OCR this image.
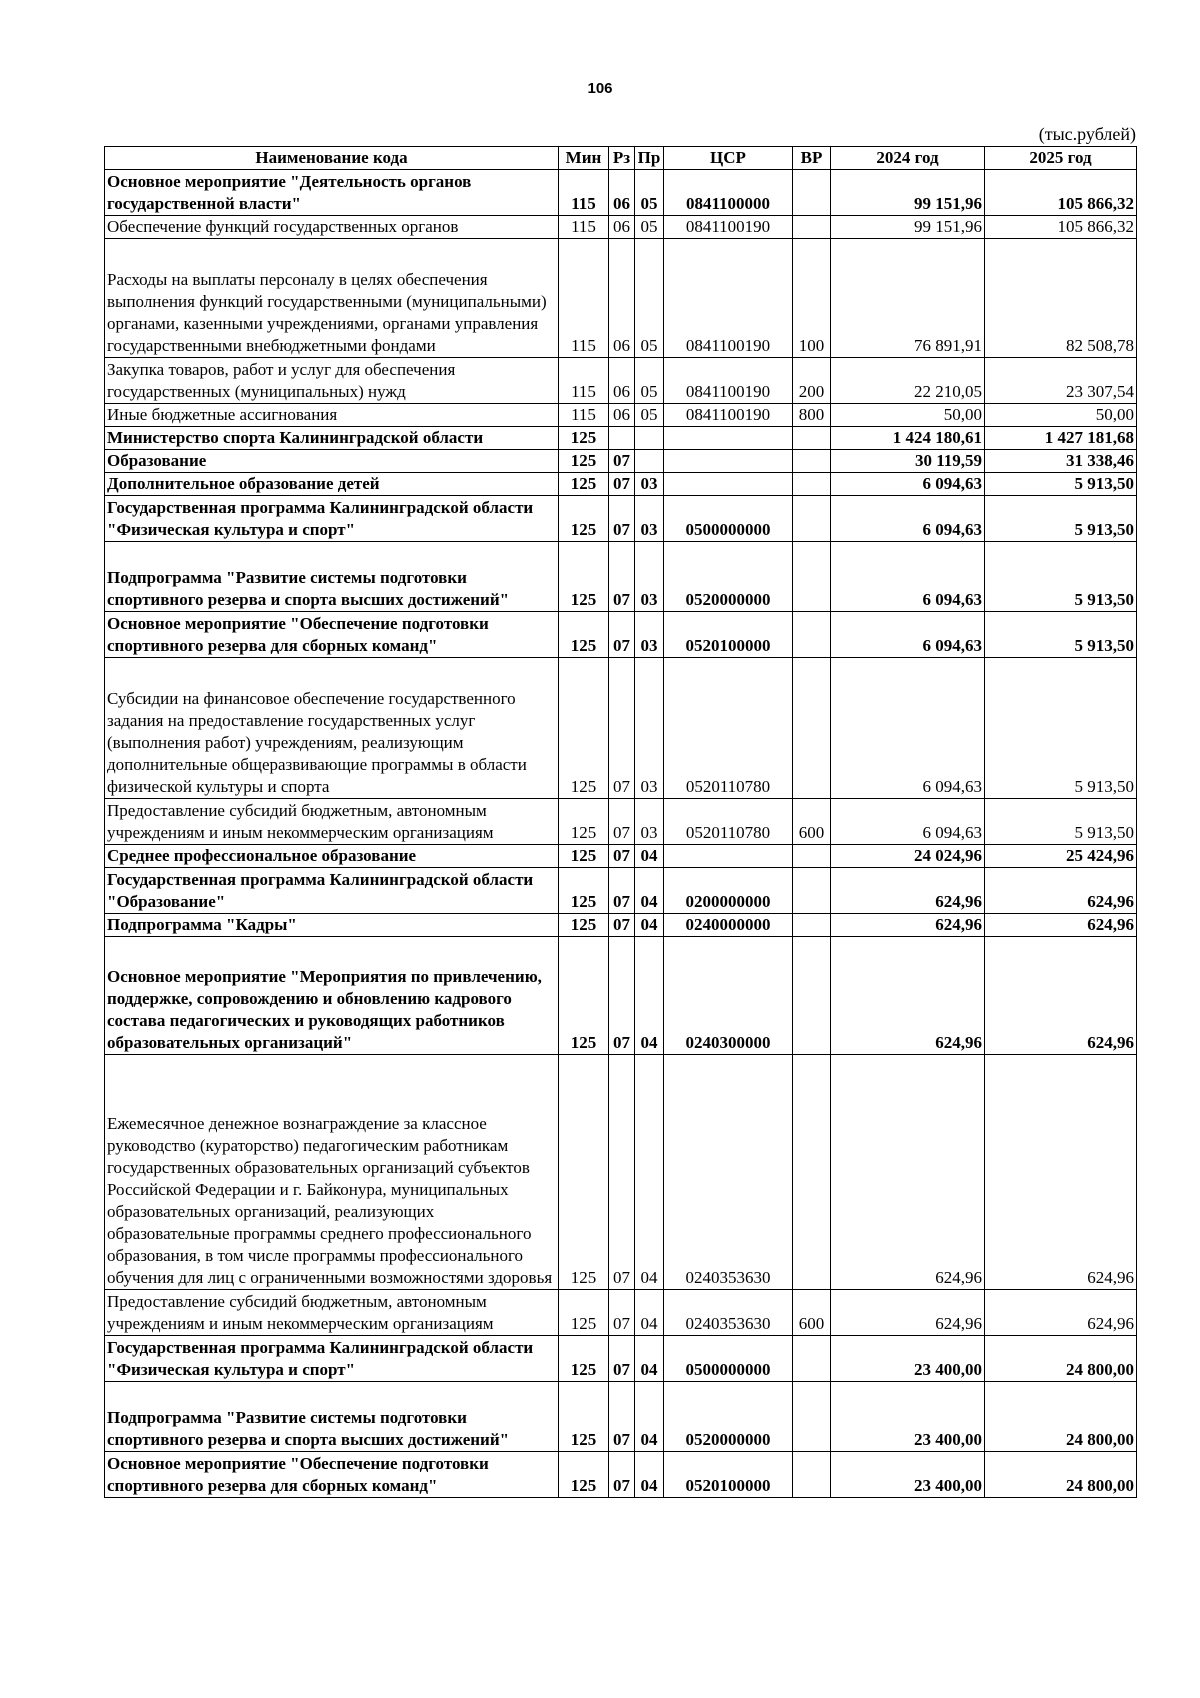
106
(тыс.рублей)
Наименование кода	Мин	Рз	Пр	ЦСР	ВР	2024 год	2025 год
Основное мероприятие "Деятельность органов государственной власти"	115	06	05	0841100000		99 151,96	105 866,32
Обеспечение функций государственных органов	115	06	05	0841100190		99 151,96	105 866,32
Расходы на выплаты персоналу в целях обеспечения выполнения функций государственными (муниципальными) органами, казенными учреждениями, органами управления государственными внебюджетными фондами	115	06	05	0841100190	100	76 891,91	82 508,78
Закупка товаров, работ и услуг для обеспечения государственных (муниципальных) нужд	115	06	05	0841100190	200	22 210,05	23 307,54
Иные бюджетные ассигнования	115	06	05	0841100190	800	50,00	50,00
Министерство спорта Калининградской области	125					1 424 180,61	1 427 181,68
Образование	125	07				30 119,59	31 338,46
Дополнительное образование детей	125	07	03			6 094,63	5 913,50
Государственная программа Калининградской области "Физическая культура и спорт"	125	07	03	0500000000		6 094,63	5 913,50
Подпрограмма "Развитие системы подготовки спортивного резерва и спорта высших достижений"	125	07	03	0520000000		6 094,63	5 913,50
Основное мероприятие "Обеспечение подготовки спортивного резерва для сборных команд"	125	07	03	0520100000		6 094,63	5 913,50
Субсидии на финансовое обеспечение государственного задания на предоставление государственных услуг (выполнения работ) учреждениям, реализующим дополнительные общеразвивающие программы в области физической культуры и спорта	125	07	03	0520110780		6 094,63	5 913,50
Предоставление субсидий бюджетным, автономным учреждениям и иным некоммерческим организациям	125	07	03	0520110780	600	6 094,63	5 913,50
Среднее профессиональное образование	125	07	04			24 024,96	25 424,96
Государственная программа Калининградской области "Образование"	125	07	04	0200000000		624,96	624,96
Подпрограмма "Кадры"	125	07	04	0240000000		624,96	624,96
Основное мероприятие "Мероприятия по привлечению, поддержке, сопровождению и обновлению кадрового состава педагогических и руководящих работников образовательных организаций"	125	07	04	0240300000		624,96	624,96
Ежемесячное денежное вознаграждение за классное руководство (кураторство) педагогическим работникам государственных образовательных организаций субъектов Российской Федерации и г. Байконура, муниципальных образовательных организаций, реализующих образовательные программы среднего профессионального образования, в том числе программы профессионального обучения для лиц с ограниченными возможностями здоровья	125	07	04	0240353630		624,96	624,96
Предоставление субсидий бюджетным, автономным учреждениям и иным некоммерческим организациям	125	07	04	0240353630	600	624,96	624,96
Государственная программа Калининградской области "Физическая культура и спорт"	125	07	04	0500000000		23 400,00	24 800,00
Подпрограмма "Развитие системы подготовки спортивного резерва и спорта высших достижений"	125	07	04	0520000000		23 400,00	24 800,00
Основное мероприятие "Обеспечение подготовки спортивного резерва для сборных команд"	125	07	04	0520100000		23 400,00	24 800,00
